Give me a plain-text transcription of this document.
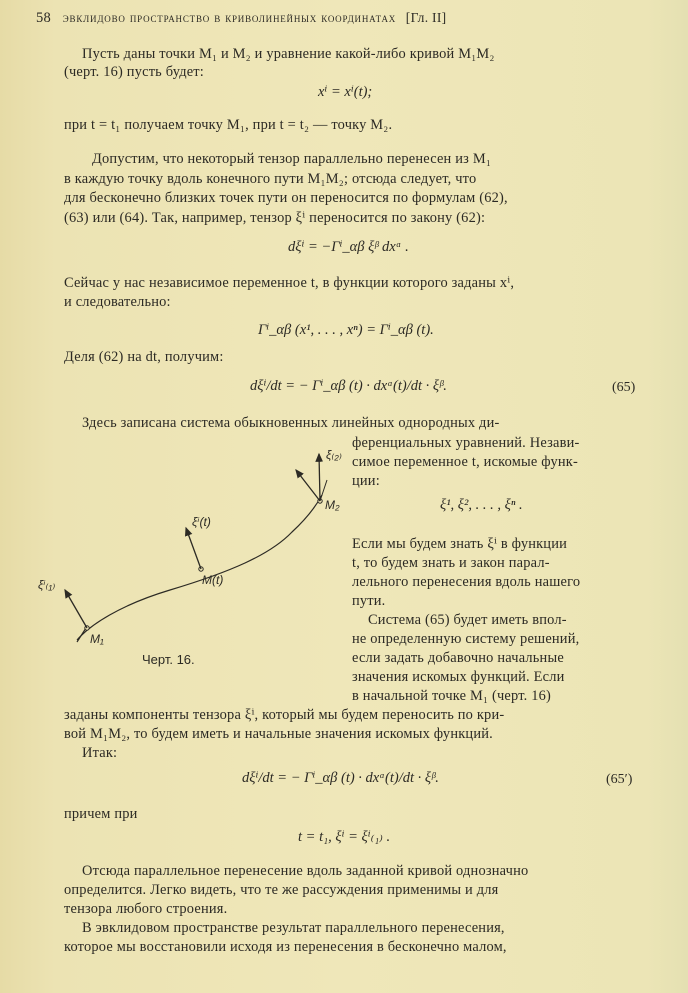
58 эвклидово пространство в криволинейных координатах [Гл. II]
Пусть даны точки M₁ и M₂ и уравнение какой-либо кривой M₁M₂
(черт. 16) пусть будет:
xⁱ = xⁱ(t);
при t = t₁ получаем точку M₁, при t = t₂ — точку M₂.
Допустим, что некоторый тензор параллельно перенесен из M₁
в каждую точку вдоль конечного пути M₁M₂; отсюда следует, что
для бесконечно близких точек пути он переносится по формулам (62),
(63) или (64). Так, например, тензор ξⁱ переносится по закону (62):
dξⁱ = −Γⁱ_αβ ξᵝ dxᵅ .
Сейчас у нас независимое переменное t, в функции которого заданы xⁱ,
и следовательно:
Γⁱ_αβ (x¹, . . . , xⁿ) = Γⁱ_αβ (t).
Деля (62) на dt, получим:
dξⁱ/dt = − Γⁱ_αβ (t) · dxᵅ(t)/dt · ξᵝ.	(65)
Здесь записана система обыкновенных линейных однородных ди-
ференциальных уравнений. Незави-
симое переменное t, искомые функ-
ции:
ξ¹, ξ², . . . , ξⁿ .
Если мы будем знать ξⁱ в функции
t, то будем знать и закон парал-
лельного перенесения вдоль нашего
пути.
Система (65) будет иметь впол-
не определенную систему решений,
если задать добавочно начальные
значения искомых функций. Если
в начальной точке M₁ (черт. 16)
заданы компоненты тензора ξⁱ, который мы будем переносить по кри-
вой M₁M₂, то будем иметь и начальные значения искомых функций.
Итак:
dξⁱ/dt = − Γⁱ_αβ (t) · dxᵅ(t)/dt · ξᵝ.	(65′)
причем при
t = t₁, ξⁱ = ξⁱ₍₁₎ .
Отсюда параллельное перенесение вдоль заданной кривой однозначно
определится. Легко видеть, что те же рассуждения применимы и для
тензора любого строения.
В эвклидовом пространстве результат параллельного перенесения,
которое мы восстановили исходя из перенесения в бесконечно малом,
M₁
M(t)
M₂
ξⁱ₍₁₎
ξⁱ(t)
ξ₍₂₎
Черт. 16.
